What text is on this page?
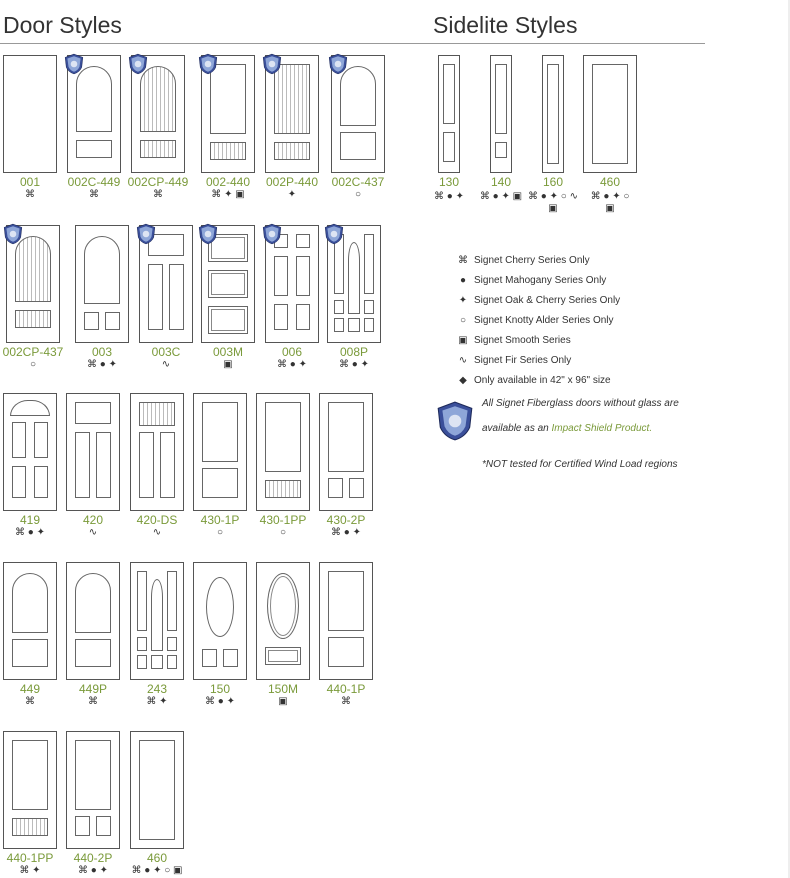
Door Styles	Sidelite Styles
001
⌘
002C-449
⌘
002CP-449
⌘
002-440
⌘ ✦ ▣
002P-440
✦
002C-437
○
002CP-437
○
003
⌘ ● ✦
003C
∿
003M
▣
006
⌘ ● ✦
008P
⌘ ● ✦
419
⌘ ● ✦
420
∿
420-DS
∿
430-1P
○
430-1PP
○
430-2P
⌘ ● ✦
449
⌘
449P
⌘
243
⌘ ✦
150
⌘ ● ✦
150M
▣
440-1P
⌘
440-1PP
⌘ ✦
440-2P
⌘ ● ✦
460
⌘ ● ✦ ○ ▣
130
⌘ ● ✦
140
⌘ ● ✦ ▣
160
⌘ ● ✦ ○ ∿ ▣
460
⌘ ● ✦ ○ ▣
⌘ Signet Cherry Series Only
● Signet Mahogany Series Only
✦ Signet Oak & Cherry Series Only
○ Signet Knotty Alder Series Only
▣ Signet Smooth Series
∿ Signet Fir Series Only
◆ Only available in 42" x 96" size
All Signet Fiberglass doors without glass are
available as an Impact Shield Product.
*NOT tested for Certified Wind Load regions
